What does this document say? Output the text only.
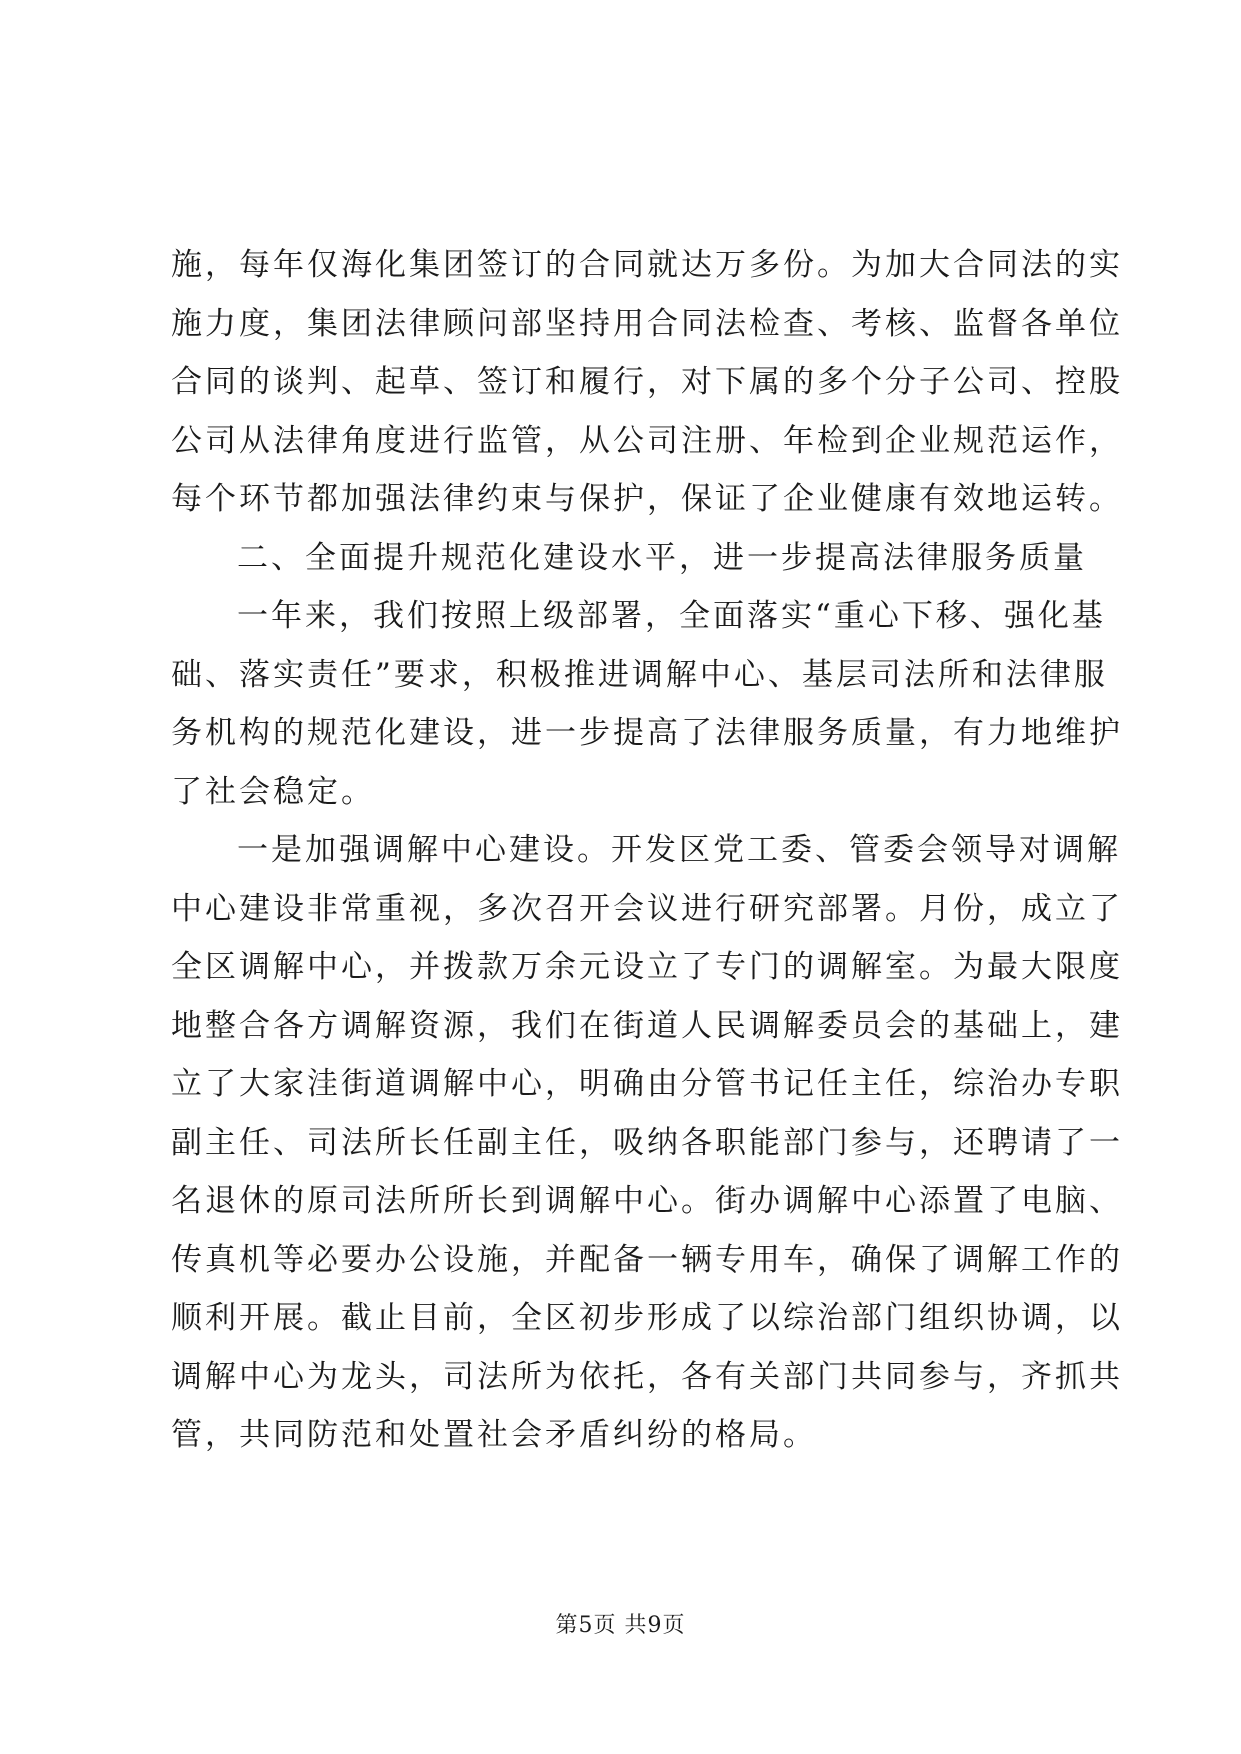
施，每年仅海化集团签订的合同就达万多份。为加大合同法的实
施力度，集团法律顾问部坚持用合同法检查、考核、监督各单位
合同的谈判、起草、签订和履行，对下属的多个分子公司、控股
公司从法律角度进行监管，从公司注册、年检到企业规范运作，
每个环节都加强法律约束与保护，保证了企业健康有效地运转。
二、全面提升规范化建设水平，进一步提高法律服务质量
一年来，我们按照上级部署，全面落实“重心下移、强化基
础、落实责任”要求，积极推进调解中心、基层司法所和法律服
务机构的规范化建设，进一步提高了法律服务质量，有力地维护
了社会稳定。
一是加强调解中心建设。开发区党工委、管委会领导对调解
中心建设非常重视，多次召开会议进行研究部署。月份，成立了
全区调解中心，并拨款万余元设立了专门的调解室。为最大限度
地整合各方调解资源，我们在街道人民调解委员会的基础上，建
立了大家洼街道调解中心，明确由分管书记任主任，综治办专职
副主任、司法所长任副主任，吸纳各职能部门参与，还聘请了一
名退休的原司法所所长到调解中心。街办调解中心添置了电脑、
传真机等必要办公设施，并配备一辆专用车，确保了调解工作的
顺利开展。截止目前，全区初步形成了以综治部门组织协调，以
调解中心为龙头，司法所为依托，各有关部门共同参与，齐抓共
管，共同防范和处置社会矛盾纠纷的格局。
第5页 共9页
